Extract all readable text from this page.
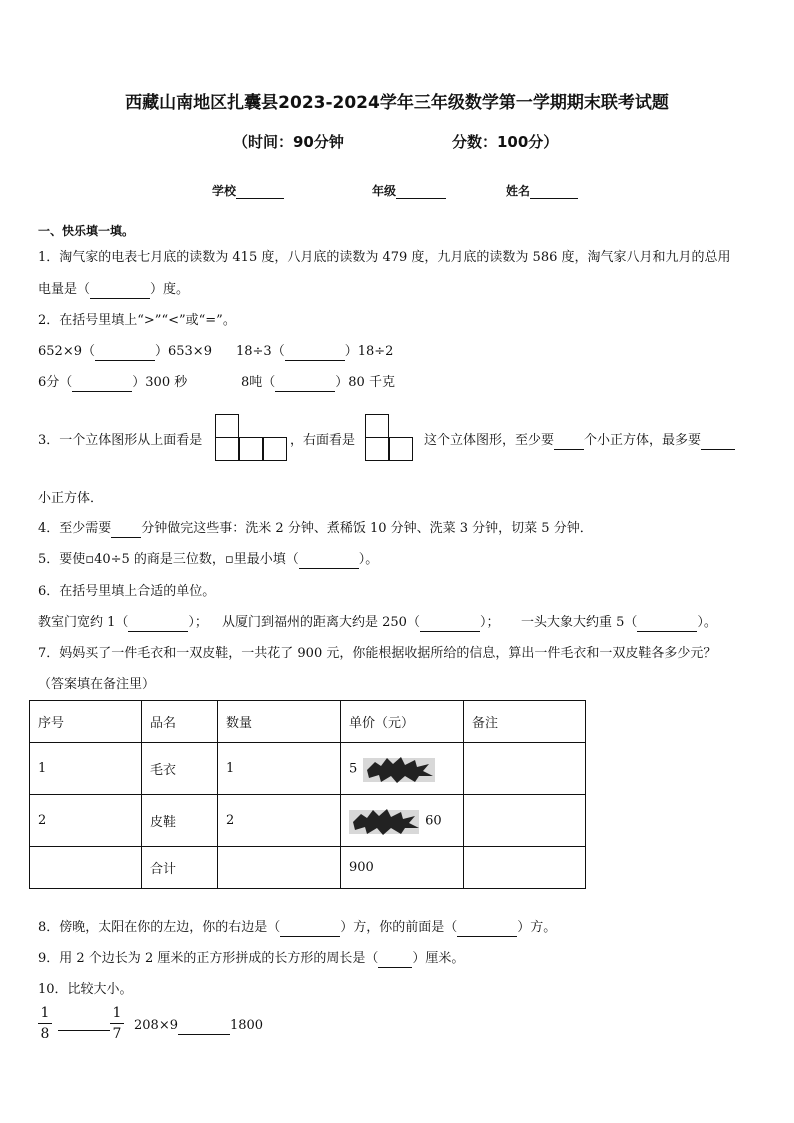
西藏山南地区扎囊县2023-2024学年三年级数学第一学期期末联考试题
（时间：90分钟	分数：100分）
学校	年级	姓名
一、快乐填一填。
1．淘气家的电表七月底的读数为 415 度，八月底的读数为 479 度，九月底的读数为 586 度，淘气家八月和九月的总用
电量是（	）度。
2．在括号里填上“>”“<”或“=”。
652×9（	）653×9 18÷3（	）18÷2
6分（	）300 秒	8吨（	）80 千克
3．一个立体图形从上面看是	，右面看是	这个立体图形，至少要 个小正方体，最多要
小正方体．
4．至少需要 分钟做完这些事：洗米 2 分钟、煮稀饭 10 分钟、洗菜 3 分钟，切菜 5 分钟．
5．要使▫40÷5 的商是三位数，▫里最小填（	）。
6．在括号里填上合适的单位。
教室门宽约 1（	）； 从厦门到福州的距离大约是 250（	）； 一头大象大约重 5（	）。
7．妈妈买了一件毛衣和一双皮鞋，一共花了 900 元，你能根据收据所给的信息，算出一件毛衣和一双皮鞋各多少元？
（答案填在备注里）
序号	品名	数量	单价（元）	备注
1	毛衣	1	5	
2	皮鞋	2	60	
	合计		900	
8．傍晚，太阳在你的左边，你的右边是（	）方，你的前面是（	）方。
9．用 2 个边长为 2 厘米的正方形拼成的长方形的周长是（	）厘米。
10．比较大小。
1
8
1
7
208×9	1800
